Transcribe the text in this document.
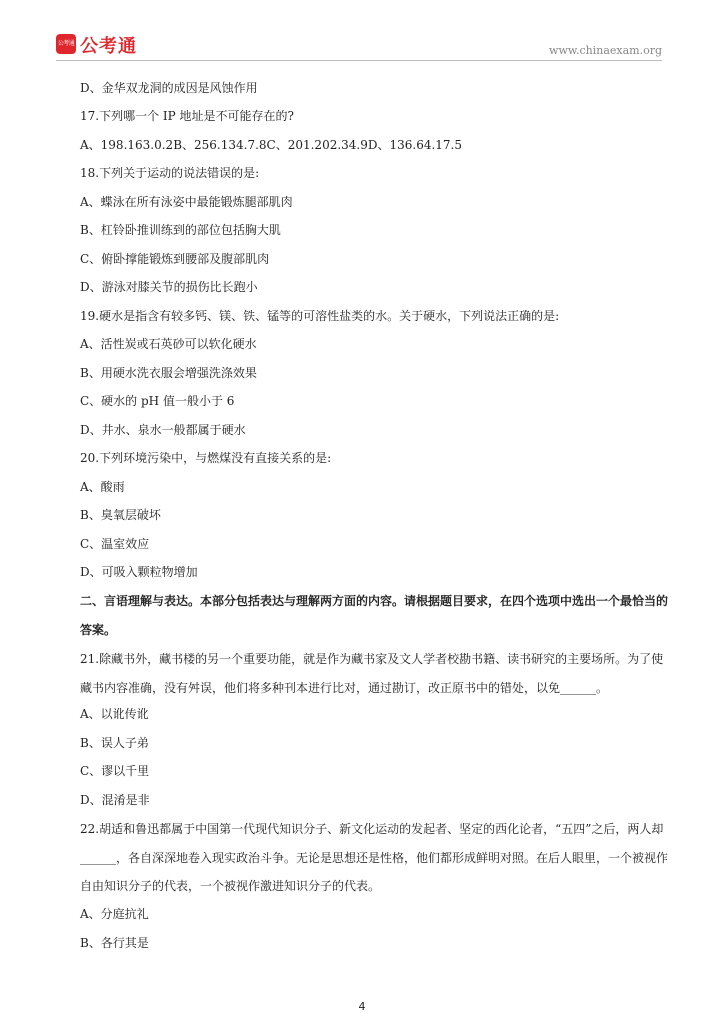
公考通 公考通	www.chinaexam.org
D、金华双龙洞的成因是风蚀作用
17.下列哪一个 IP 地址是不可能存在的?
A、198.163.0.2B、256.134.7.8C、201.202.34.9D、136.64.17.5
18.下列关于运动的说法错误的是:
A、蝶泳在所有泳姿中最能锻炼腿部肌肉
B、杠铃卧推训练到的部位包括胸大肌
C、俯卧撑能锻炼到腰部及腹部肌肉
D、游泳对膝关节的损伤比长跑小
19.硬水是指含有较多钙、镁、铁、锰等的可溶性盐类的水。关于硬水，下列说法正确的是:
A、活性炭或石英砂可以软化硬水
B、用硬水洗衣服会增强洗涤效果
C、硬水的 pH 值一般小于 6
D、井水、泉水一般都属于硬水
20.下列环境污染中，与燃煤没有直接关系的是:
A、酸雨
B、臭氧层破坏
C、温室效应
D、可吸入颗粒物增加
二、言语理解与表达。本部分包括表达与理解两方面的内容。请根据题目要求，在四个选项中选出一个最恰当的答案。
21.除藏书外，藏书楼的另一个重要功能，就是作为藏书家及文人学者校勘书籍、读书研究的主要场所。为了使藏书内容准确，没有舛误，他们将多种刊本进行比对，通过勘订，改正原书中的错处，以免______。
A、以讹传讹
B、误人子弟
C、谬以千里
D、混淆是非
22.胡适和鲁迅都属于中国第一代现代知识分子、新文化运动的发起者、坚定的西化论者，“五四”之后，两人却______，各自深深地卷入现实政治斗争。无论是思想还是性格，他们都形成鲜明对照。在后人眼里，一个被视作自由知识分子的代表，一个被视作激进知识分子的代表。
A、分庭抗礼
B、各行其是
4
